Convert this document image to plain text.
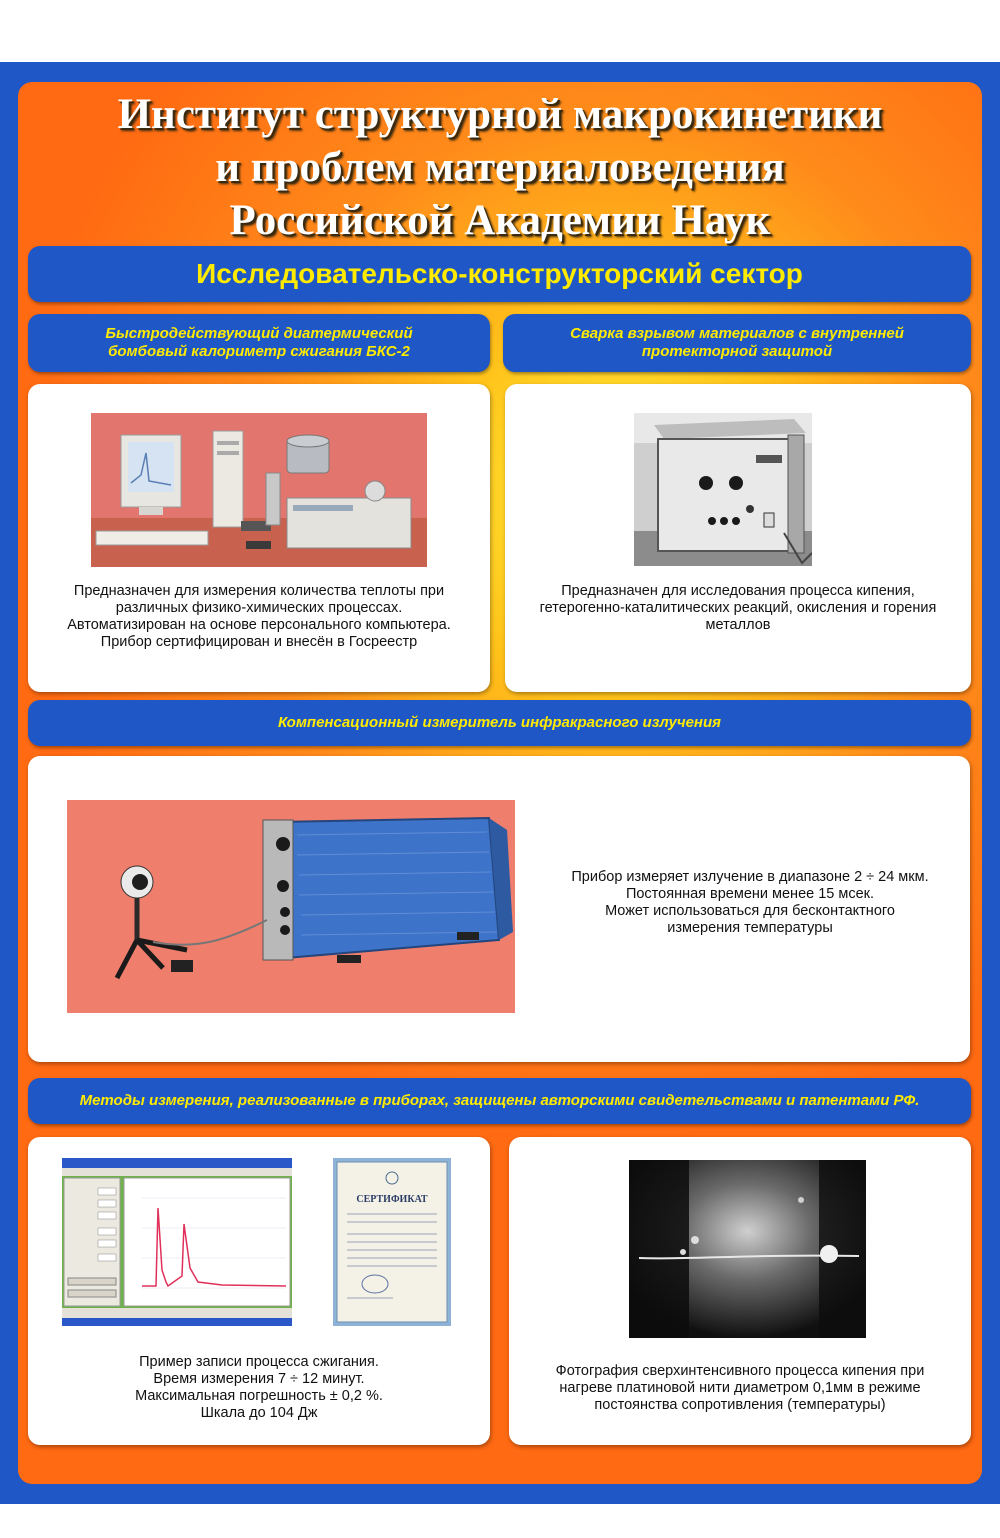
Институт структурной макрокинетики
и проблем материаловедения
Российской Академии Наук
Исследовательско-конструкторский сектор
Быстродействующий диатермический
бомбовый калориметр сжигания БКС-2
Сварка взрывом материалов с внутренней
протекторной защитой
Предназначен для измерения количества теплоты при
различных физико-химических процессах.
Автоматизирован на основе персонального компьютера.
Прибор сертифицирован и внесён в Госреестр
Предназначен для исследования процесса кипения,
гетерогенно-каталитических реакций, окисления и горения
металлов
Компенсационный измеритель инфракрасного излучения
Прибор измеряет излучение в диапазоне 2 ÷ 24 мкм.
Постоянная времени менее 15 мсек.
Может использоваться для бесконтактного
измерения температуры
Методы измерения, реализованные в приборах, защищены авторскими свидетельствами и патентами РФ.
СЕРТИФИКАТ
Пример записи процесса сжигания.
Время измерения 7 ÷ 12 минут.
Максимальная погрешность ± 0,2 %.
Шкала до 104 Дж
Фотография сверхинтенсивного процесса кипения при
нагреве платиновой нити диаметром 0,1мм в режиме
постоянства сопротивления (температуры)
